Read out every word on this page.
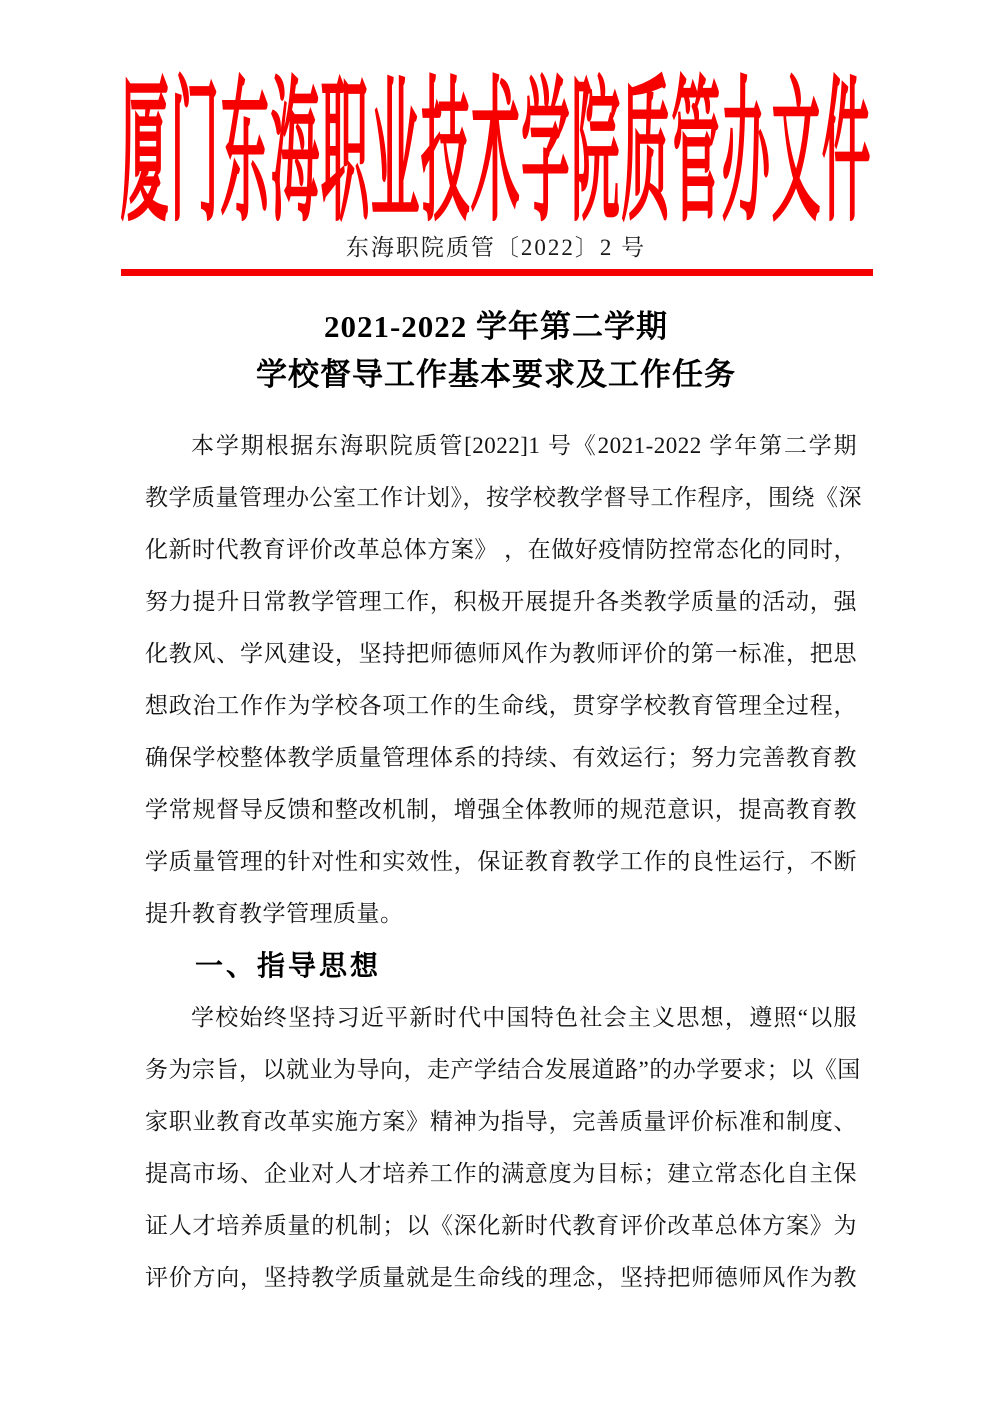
厦门东海职业技术学院质管办文件
东海职院质管〔2022〕2 号
2021-2022 学年第二学期
学校督导工作基本要求及工作任务
本学期根据东海职院质管[2022]1 号《2021-2022 学年第二学期
教学质量管理办公室工作计划》，按学校教学督导工作程序，围绕《深
化新时代教育评价改革总体方案》 ，在做好疫情防控常态化的同时，
努力提升日常教学管理工作，积极开展提升各类教学质量的活动，强
化教风、学风建设，坚持把师德师风作为教师评价的第一标准，把思
想政治工作作为学校各项工作的生命线，贯穿学校教育管理全过程，
确保学校整体教学质量管理体系的持续、有效运行；努力完善教育教
学常规督导反馈和整改机制，增强全体教师的规范意识，提高教育教
学质量管理的针对性和实效性，保证教育教学工作的良性运行，不断
提升教育教学管理质量。
一、指导思想
学校始终坚持习近平新时代中国特色社会主义思想，遵照“以服
务为宗旨，以就业为导向，走产学结合发展道路”的办学要求；以《国
家职业教育改革实施方案》精神为指导，完善质量评价标准和制度、
提高市场、企业对人才培养工作的满意度为目标；建立常态化自主保
证人才培养质量的机制；以《深化新时代教育评价改革总体方案》为
评价方向，坚持教学质量就是生命线的理念，坚持把师德师风作为教
